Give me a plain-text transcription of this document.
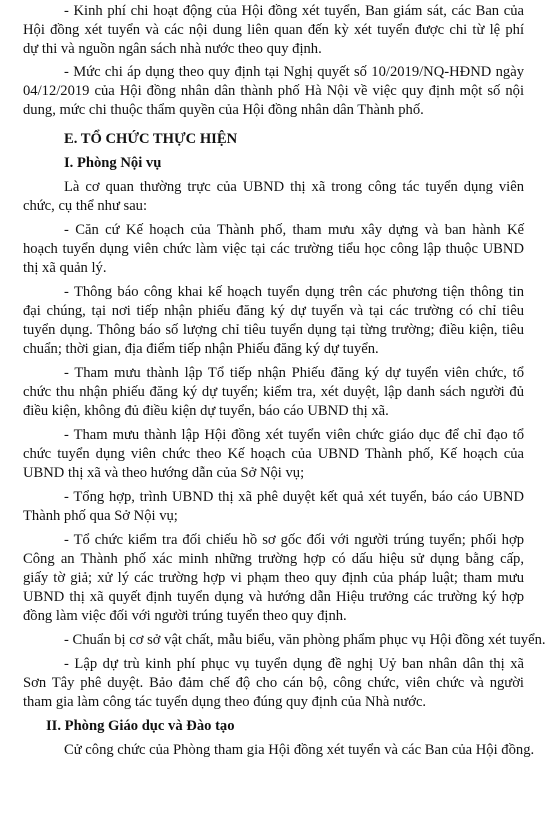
- Kinh phí chi hoạt động của Hội đồng xét tuyển, Ban giám sát, các Ban của
Hội đồng xét tuyển và các nội dung liên quan đến kỳ xét tuyển được chi từ lệ phí
dự thi và nguồn ngân sách nhà nước theo quy định.
- Mức chi áp dụng theo quy định tại Nghị quyết số 10/2019/NQ-HĐND ngày
04/12/2019 của Hội đồng nhân dân thành phố Hà Nội về việc quy định một số nội
dung, mức chi thuộc thẩm quyền của Hội đồng nhân dân Thành phố.
E. TỔ CHỨC THỰC HIỆN
I. Phòng Nội vụ
Là cơ quan thường trực của UBND thị xã trong công tác tuyển dụng viên
chức, cụ thể như sau:
- Căn cứ Kế hoạch của Thành phố, tham mưu xây dựng và ban hành Kế
hoạch tuyển dụng viên chức làm việc tại các trường tiểu học công lập thuộc UBND
thị xã quản lý.
- Thông báo công khai kế hoạch tuyển dụng trên các phương tiện thông tin
đại chúng, tại nơi tiếp nhận phiếu đăng ký dự tuyển và tại các trường có chỉ tiêu
tuyển dụng. Thông báo số lượng chỉ tiêu tuyển dụng tại từng trường; điều kiện, tiêu
chuẩn; thời gian, địa điểm tiếp nhận Phiếu đăng ký dự tuyển.
- Tham mưu thành lập Tổ tiếp nhận Phiếu đăng ký dự tuyển viên chức, tổ
chức thu nhận phiếu đăng ký dự tuyển; kiểm tra, xét duyệt, lập danh sách người đủ
điều kiện, không đủ điều kiện dự tuyển, báo cáo UBND thị xã.
- Tham mưu thành lập Hội đồng xét tuyển viên chức giáo dục để chỉ đạo tổ
chức tuyển dụng viên chức theo Kế hoạch của UBND Thành phố, Kế hoạch của
UBND thị xã và theo hướng dẫn của Sở Nội vụ;
- Tổng hợp, trình UBND thị xã phê duyệt kết quả xét tuyển, báo cáo UBND
Thành phố qua Sở Nội vụ;
- Tổ chức kiểm tra đối chiếu hồ sơ gốc đối với người trúng tuyển; phối hợp
Công an Thành phố xác minh những trường hợp có dấu hiệu sử dụng bằng cấp,
giấy tờ giả; xử lý các trường hợp vi phạm theo quy định của pháp luật; tham mưu
UBND thị xã quyết định tuyển dụng và hướng dẫn Hiệu trưởng các trường ký hợp
đồng làm việc đối với người trúng tuyển theo quy định.
- Chuẩn bị cơ sở vật chất, mẫu biểu, văn phòng phẩm phục vụ Hội đồng xét tuyển.
- Lập dự trù kinh phí phục vụ tuyển dụng đề nghị Uỷ ban nhân dân thị xã
Sơn Tây phê duyệt. Bảo đảm chế độ cho cán bộ, công chức, viên chức và người
tham gia làm công tác tuyển dụng theo đúng quy định của Nhà nước.
II. Phòng Giáo dục và Đào tạo
Cử công chức của Phòng tham gia Hội đồng xét tuyển và các Ban của Hội đồng.
